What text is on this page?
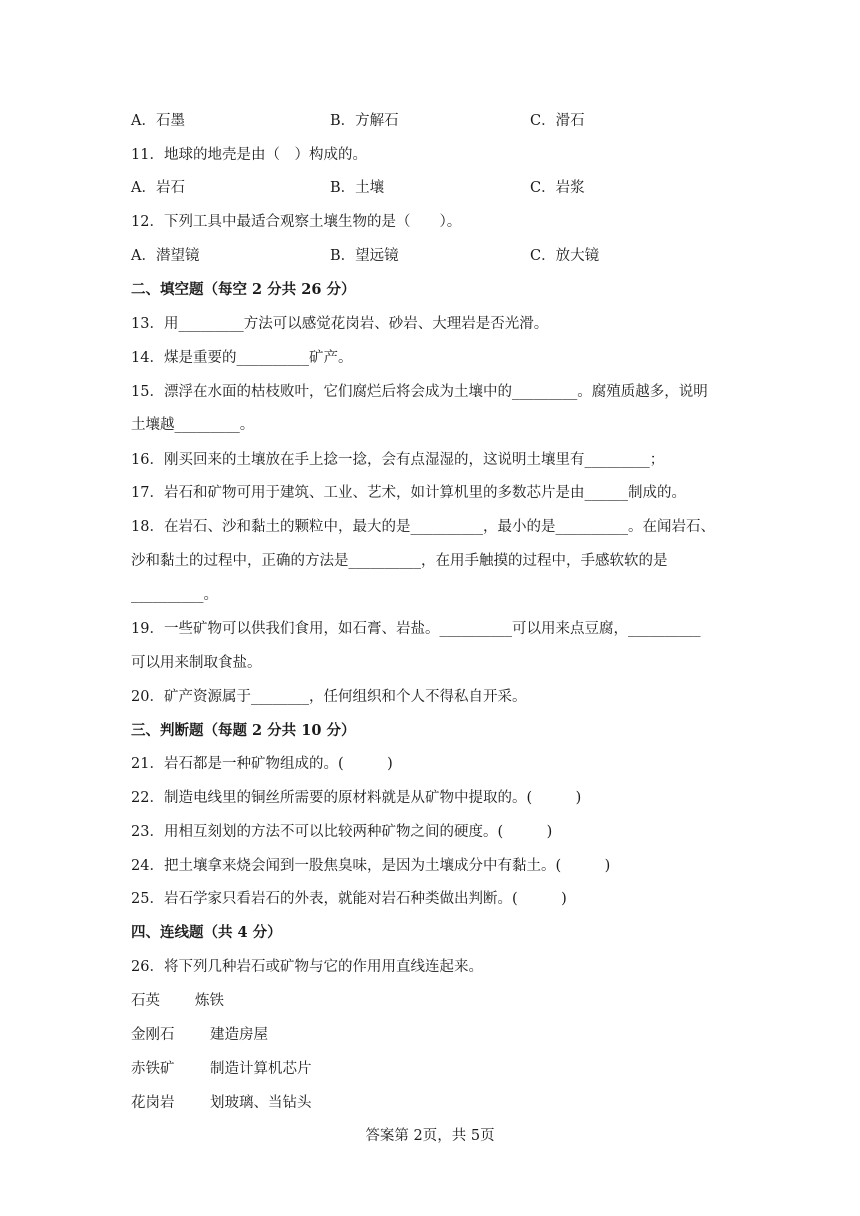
A．石墨	B．方解石	C．滑石
11．地球的地壳是由（　）构成的。
A．岩石	B．土壤	C．岩浆
12．下列工具中最适合观察土壤生物的是（　　）。
A．潜望镜	B．望远镜	C．放大镜
二、填空题（每空 2 分共 26 分）
13．用_________方法可以感觉花岗岩、砂岩、大理岩是否光滑。
14．煤是重要的__________矿产。
15．漂浮在水面的枯枝败叶，它们腐烂后将会成为土壤中的_________。腐殖质越多，说明
土壤越_________。
16．刚买回来的土壤放在手上捻一捻，会有点湿湿的，这说明土壤里有_________；
17．岩石和矿物可用于建筑、工业、艺术，如计算机里的多数芯片是由______制成的。
18．在岩石、沙和黏土的颗粒中，最大的是__________，最小的是__________。在闻岩石、
沙和黏土的过程中，正确的方法是__________，在用手触摸的过程中，手感软软的是
__________。
19．一些矿物可以供我们食用，如石膏、岩盐。__________可以用来点豆腐，__________
可以用来制取食盐。
20．矿产资源属于________，任何组织和个人不得私自开采。
三、判断题（每题 2 分共 10 分）
21．岩石都是一种矿物组成的。(　　　)
22．制造电线里的铜丝所需要的原材料就是从矿物中提取的。(　　　)
23．用相互刻划的方法不可以比较两种矿物之间的硬度。(　　　)
24．把土壤拿来烧会闻到一股焦臭味，是因为土壤成分中有黏土。(　　　)
25．岩石学家只看岩石的外表，就能对岩石种类做出判断。(　　　)
四、连线题（共 4 分）
26．将下列几种岩石或矿物与它的作用用直线连起来。
石英 炼铁
金刚石 建造房屋
赤铁矿 制造计算机芯片
花岗岩 划玻璃、当钻头
答案第 2页，共 5页
